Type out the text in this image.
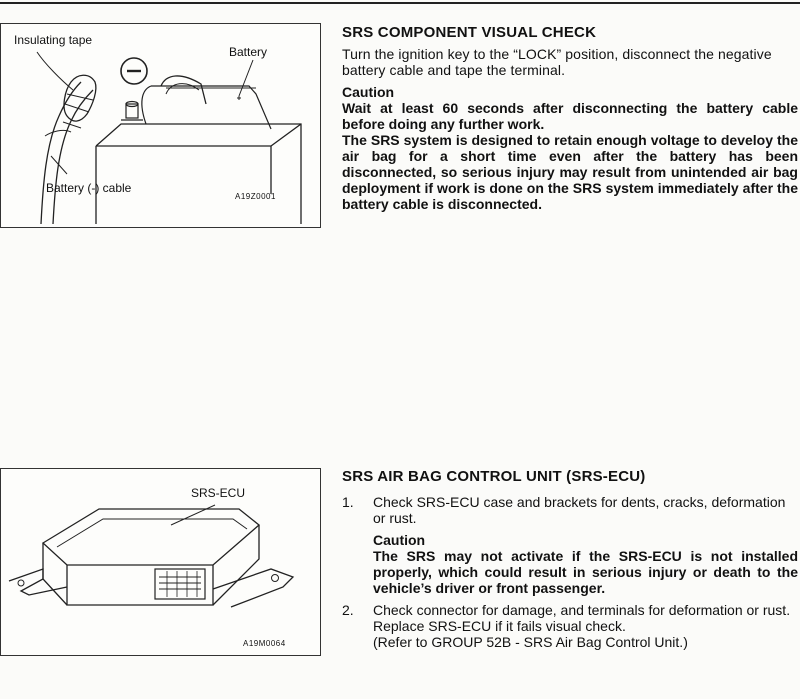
Insulating tape
Battery
Battery (-) cable
A19Z0001
SRS-ECU
A19M0064
SRS COMPONENT VISUAL CHECK

Turn the ignition key to the “LOCK” position, disconnect the negative battery cable and tape the terminal.

Caution

Wait at least 60 seconds after disconnecting the battery cable before doing any further work.

The SRS system is designed to retain enough voltage to develoy the air bag for a short time even after the battery has been disconnected, so serious injury may result from unintended air bag deployment if work is done on the SRS system immediately after the battery cable is disconnected.

SRS AIR BAG CONTROL UNIT (SRS-ECU)
1. Check SRS-ECU case and brackets for dents, cracks, deformation or rust.

Caution

The SRS may not activate if the SRS-ECU is not installed properly, which could result in serious injury or death to the vehicle’s driver or front passenger.

2. Check connector for damage, and terminals for deformation or rust.

Replace SRS-ECU if it fails visual check.

(Refer to GROUP 52B - SRS Air Bag Control Unit.)
